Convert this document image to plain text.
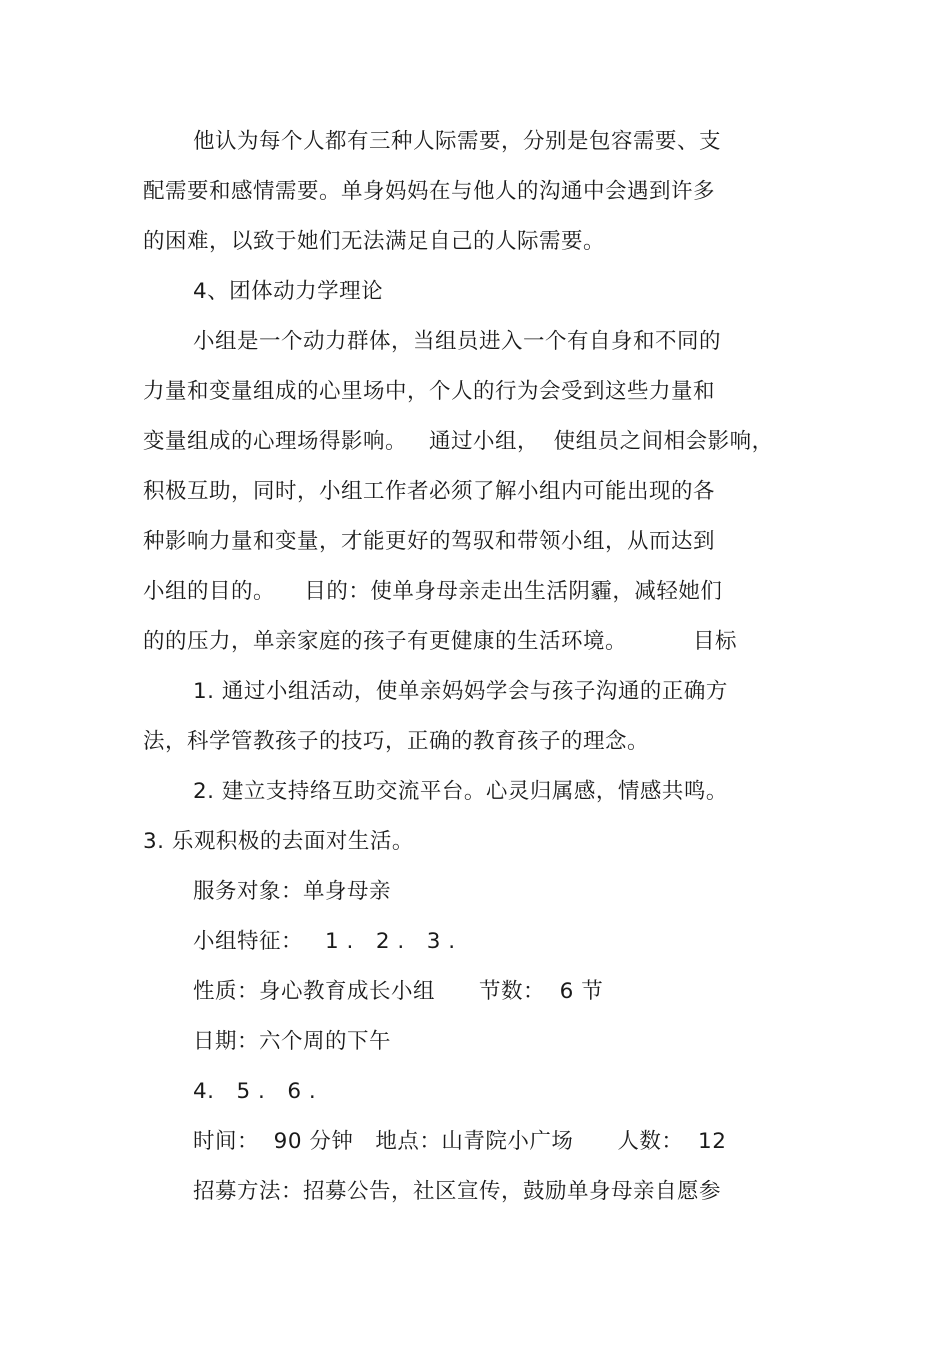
他认为每个人都有三种人际需要，分别是包容需要、支
配需要和感情需要。单身妈妈在与他人的沟通中会遇到许多
的困难，以致于她们无法满足自己的人际需要。
4、团体动力学理论
小组是一个动力群体，当组员进入一个有自身和不同的
力量和变量组成的心里场中，个人的行为会受到这些力量和
变量组成的心理场得影响。   通过小组，  使组员之间相会影响，
积极互助，同时，小组工作者必须了解小组内可能出现的各
种影响力量和变量，才能更好的驾驭和带领小组，从而达到
小组的目的。    目的：使单身母亲走出生活阴霾，减轻她们
的的压力，单亲家庭的孩子有更健康的生活环境。         目标
1. 通过小组活动，使单亲妈妈学会与孩子沟通的正确方
法，科学管教孩子的技巧，正确的教育孩子的理念。
2. 建立支持络互助交流平台。心灵归属感，情感共鸣。
3. 乐观积极的去面对生活。
服务对象：单身母亲
小组特征：   1 .   2 .   3 .
性质：身心教育成长小组      节数：  6 节
日期：六个周的下午
4.   5 .   6 .
时间：  90 分钟   地点：山青院小广场      人数：  12
招募方法：招募公告，社区宣传，鼓励单身母亲自愿参
